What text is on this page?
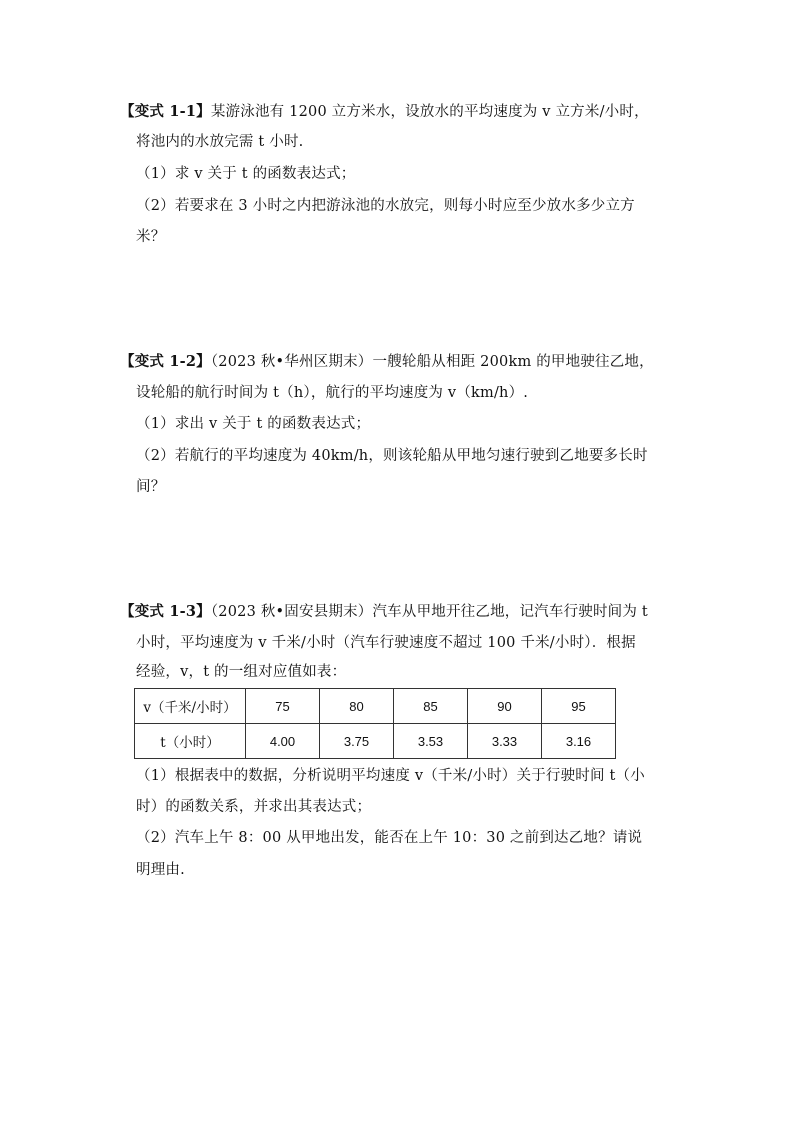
【变式 1-1】某游泳池有 1200 立方米水，设放水的平均速度为 v 立方米/小时，
将池内的水放完需 t 小时.
（1）求 v 关于 t 的函数表达式；
（2）若要求在 3 小时之内把游泳池的水放完，则每小时应至少放水多少立方
米？
【变式 1-2】（2023 秋•华州区期末）一艘轮船从相距 200km 的甲地驶往乙地，
设轮船的航行时间为 t（h），航行的平均速度为 v（km/h）.
（1）求出 v 关于 t 的函数表达式；
（2）若航行的平均速度为 40km/h，则该轮船从甲地匀速行驶到乙地要多长时
间？
【变式 1-3】（2023 秋•固安县期末）汽车从甲地开往乙地，记汽车行驶时间为 t
小时，平均速度为 v 千米/小时（汽车行驶速度不超过 100 千米/小时）．根据
经验，v，t 的一组对应值如表：
v（千米/小时）	75	80	85	90	95
t（小时）	4.00	3.75	3.53	3.33	3.16
（1）根据表中的数据，分析说明平均速度 v（千米/小时）关于行驶时间 t（小
时）的函数关系，并求出其表达式；
（2）汽车上午 8：00 从甲地出发，能否在上午 10：30 之前到达乙地？请说
明理由.
